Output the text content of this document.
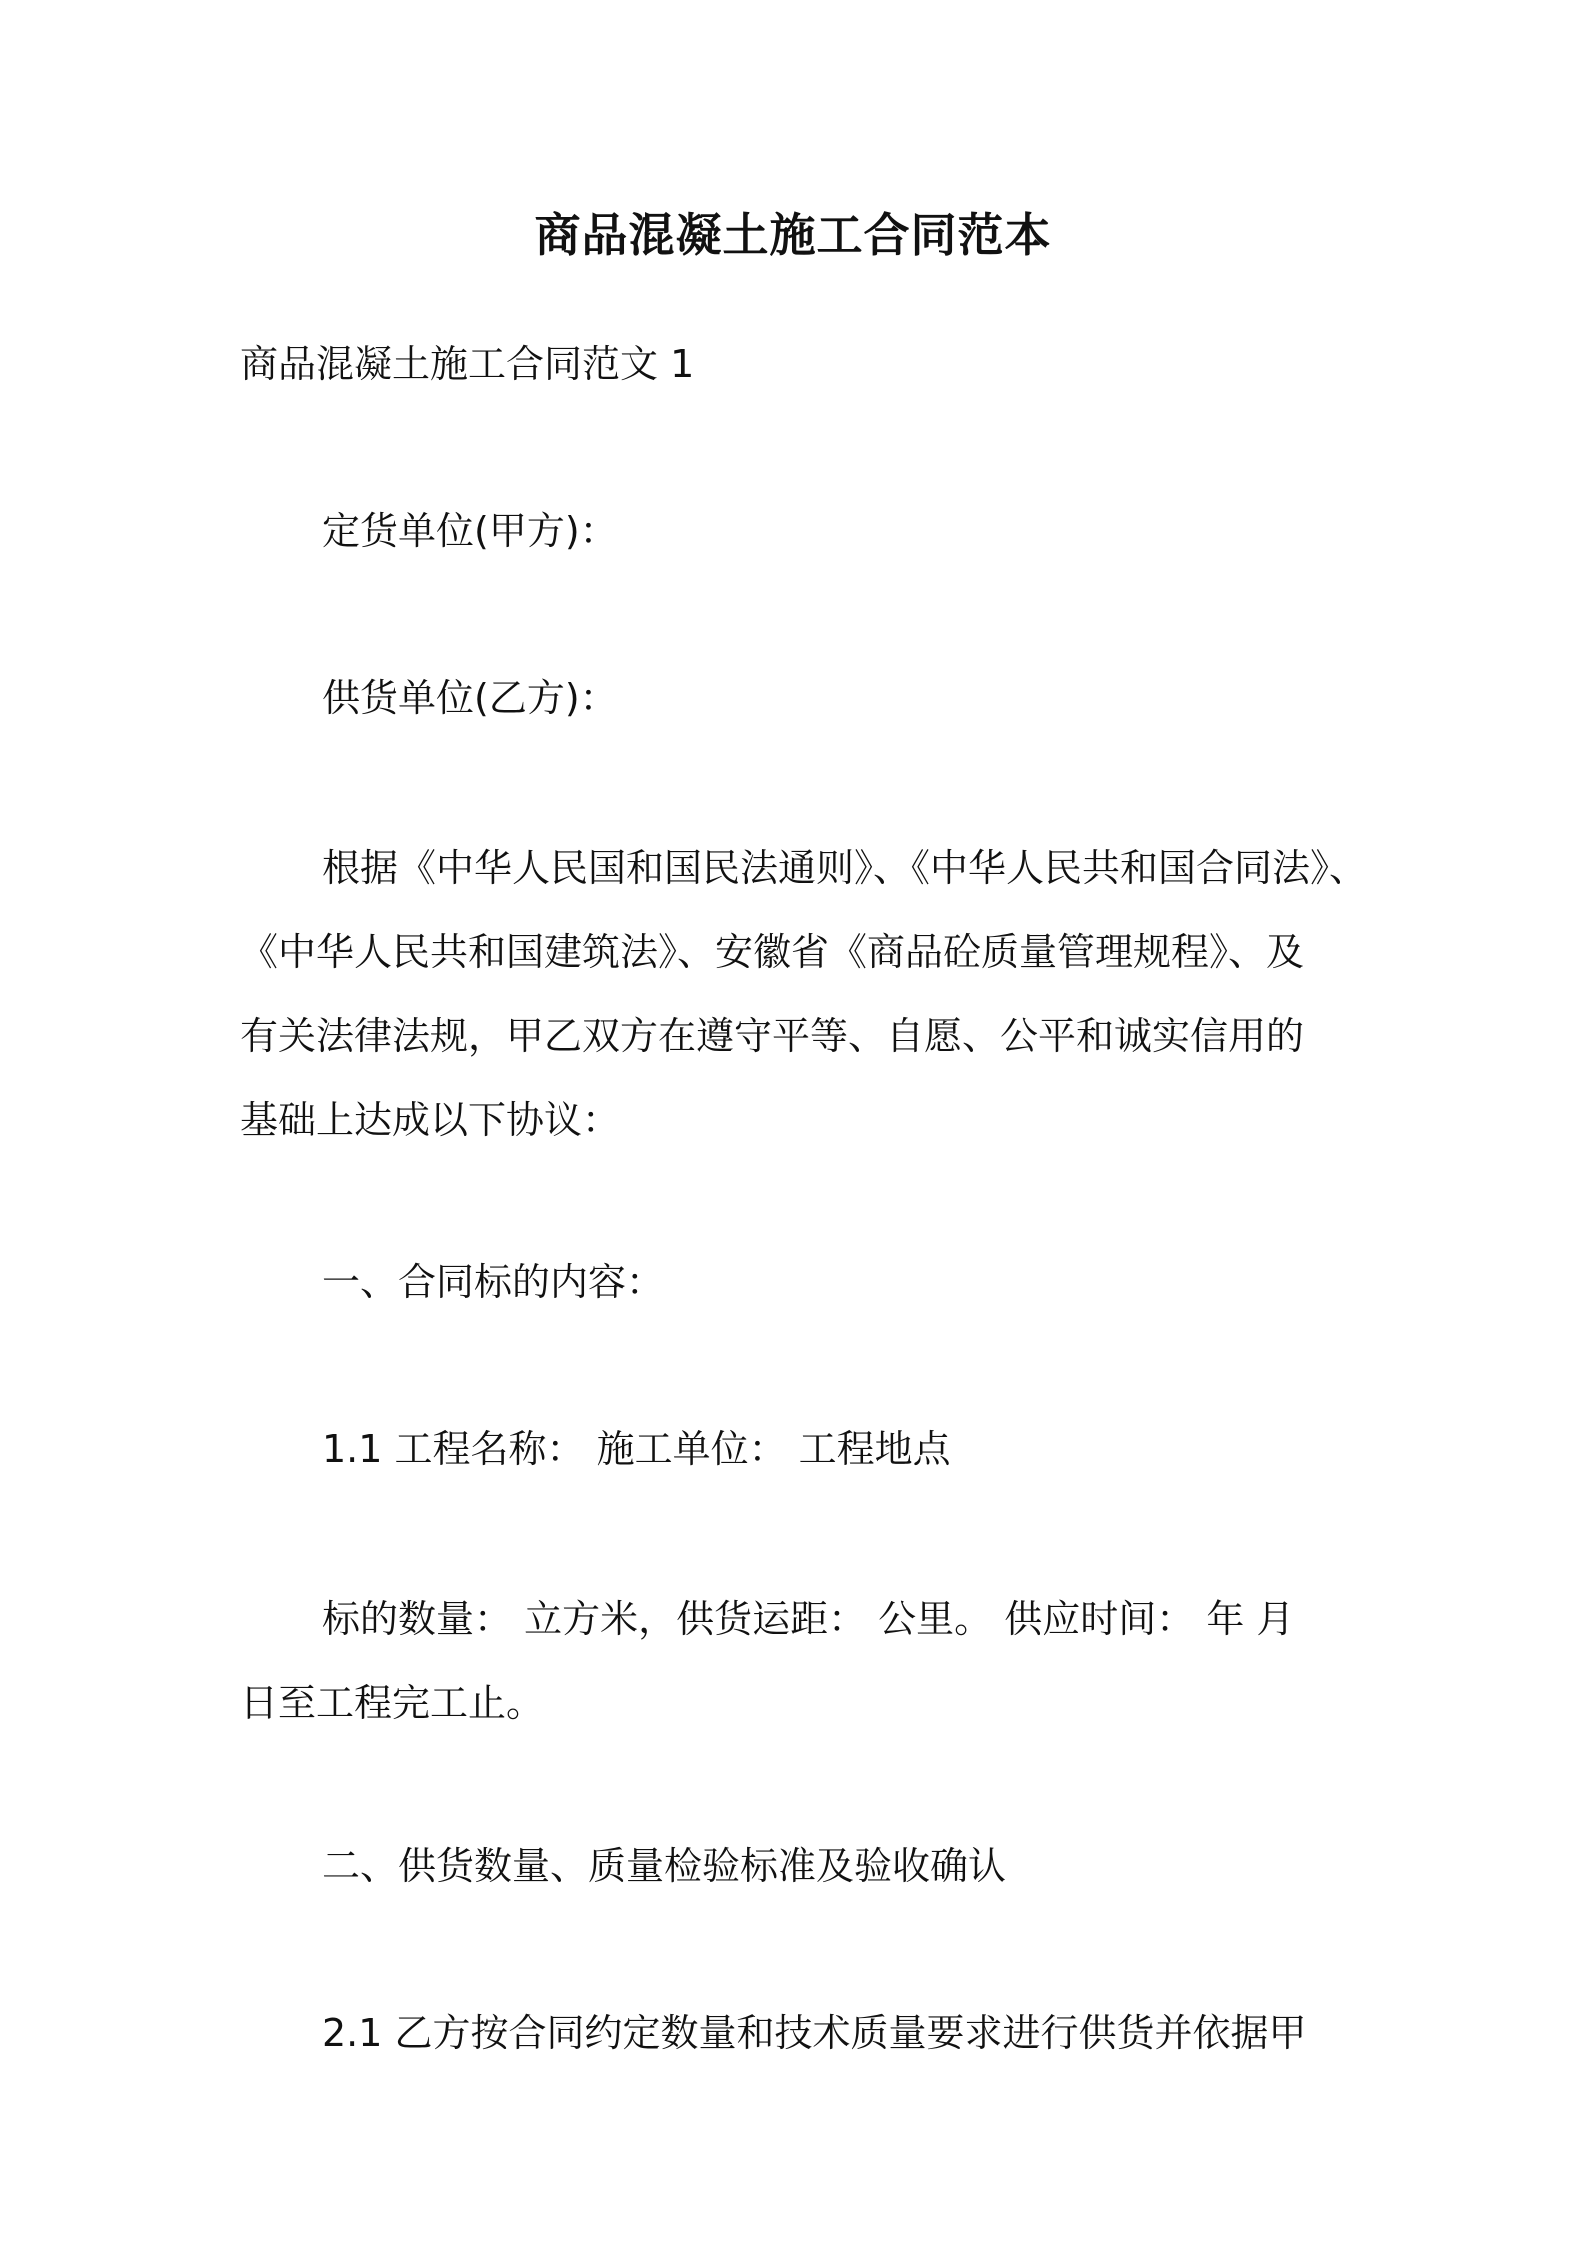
商品混凝土施工合同范本

商品混凝土施工合同范文 1

定货单位(甲方)：

供货单位(乙方)：

根据《中华人民国和国民法通则》、《中华人民共和国合同法》、
《中华人民共和国建筑法》、安徽省《商品砼质量管理规程》、及
有关法律法规，甲乙双方在遵守平等、自愿、公平和诚实信用的
基础上达成以下协议：

一、合同标的内容：

1.1 工程名称： 施工单位： 工程地点

标的数量： 立方米，供货运距： 公里。 供应时间： 年 月
日至工程完工止。

二、供货数量、质量检验标准及验收确认

2.1 乙方按合同约定数量和技术质量要求进行供货并依据甲
